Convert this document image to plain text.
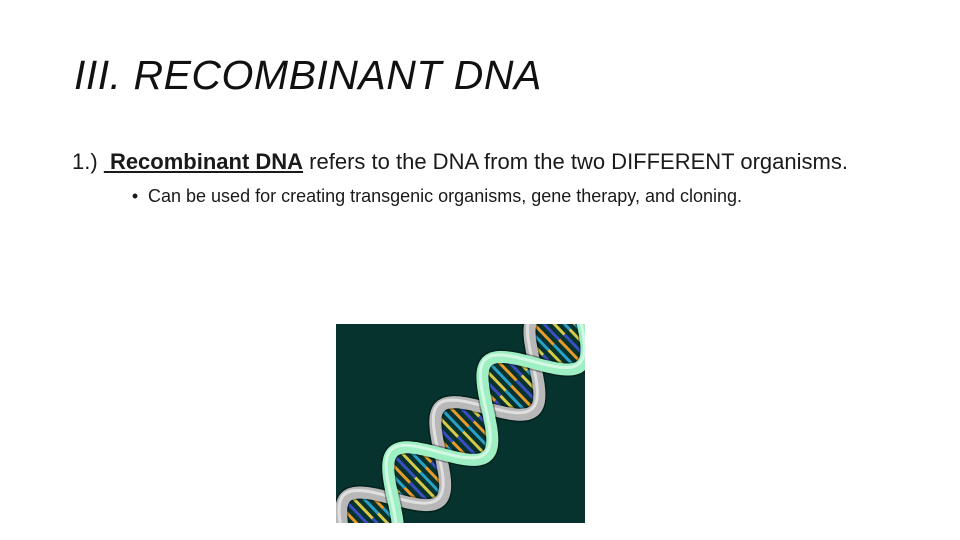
III. RECOMBINANT DNA
1.) Recombinant DNA refers to the DNA from the two DIFFERENT organisms.
• Can be used for creating transgenic organisms, gene therapy, and cloning.
